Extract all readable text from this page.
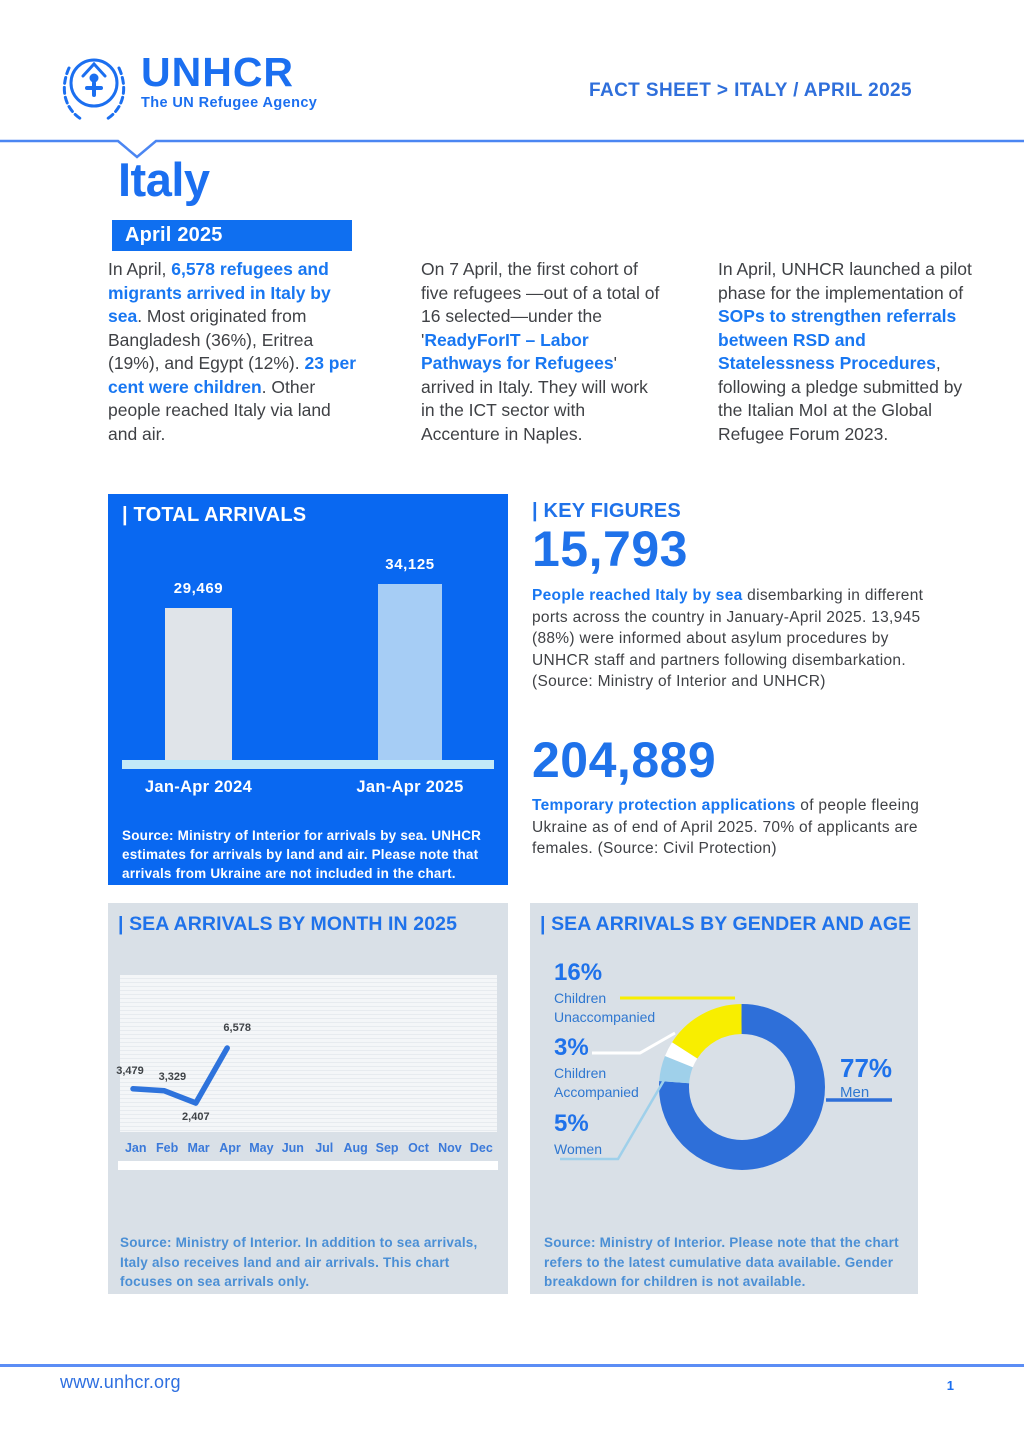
UNHCR
The UN Refugee Agency
FACT SHEET > ITALY / APRIL 2025
Italy
April 2025
In April, 6,578 refugees and migrants arrived in Italy by sea. Most originated from Bangladesh (36%), Eritrea (19%), and Egypt (12%). 23 per cent were children. Other people reached Italy via land and air.
On 7 April, the first cohort of five refugees —out of a total of 16 selected—under the 'ReadyForIT – Labor Pathways for Refugees' arrived in Italy. They will work in the ICT sector with Accenture in Naples.
In April, UNHCR launched a pilot phase for the implementation of SOPs to strengthen referrals between RSD and Statelessness Procedures, following a pledge submitted by the Italian MoI at the Global Refugee Forum 2023.
| TOTAL ARRIVALS
29,469
Jan-Apr 2024
34,125
Jan-Apr 2025
Source: Ministry of Interior for arrivals by sea. UNHCR estimates for arrivals by land and air. Please note that arrivals from Ukraine are not included in the chart.
| KEY FIGURES
15,793
People reached Italy by sea disembarking in different ports across the country in January-April 2025. 13,945 (88%) were informed about asylum procedures by UNHCR staff and partners following disembarkation. (Source: Ministry of Interior and UNHCR)
204,889
Temporary protection applications of people fleeing Ukraine as of end of April 2025. 70% of applicants are females. (Source: Civil Protection)
| SEA ARRIVALS BY MONTH IN 2025
3,479 3,329
2,407
6,578
Jan Feb Mar Apr May Jun Jul Aug Sep Oct Nov Dec
Source: Ministry of Interior. In addition to sea arrivals, Italy also receives land and air arrivals. This chart focuses on sea arrivals only.
| SEA ARRIVALS BY GENDER AND AGE
16%
Children Unaccompanied
3%
Children Accompanied
5%
Women
77%
Men
Source: Ministry of Interior. Please note that the chart refers to the latest cumulative data available. Gender breakdown for children is not available.
www.unhcr.org	1
